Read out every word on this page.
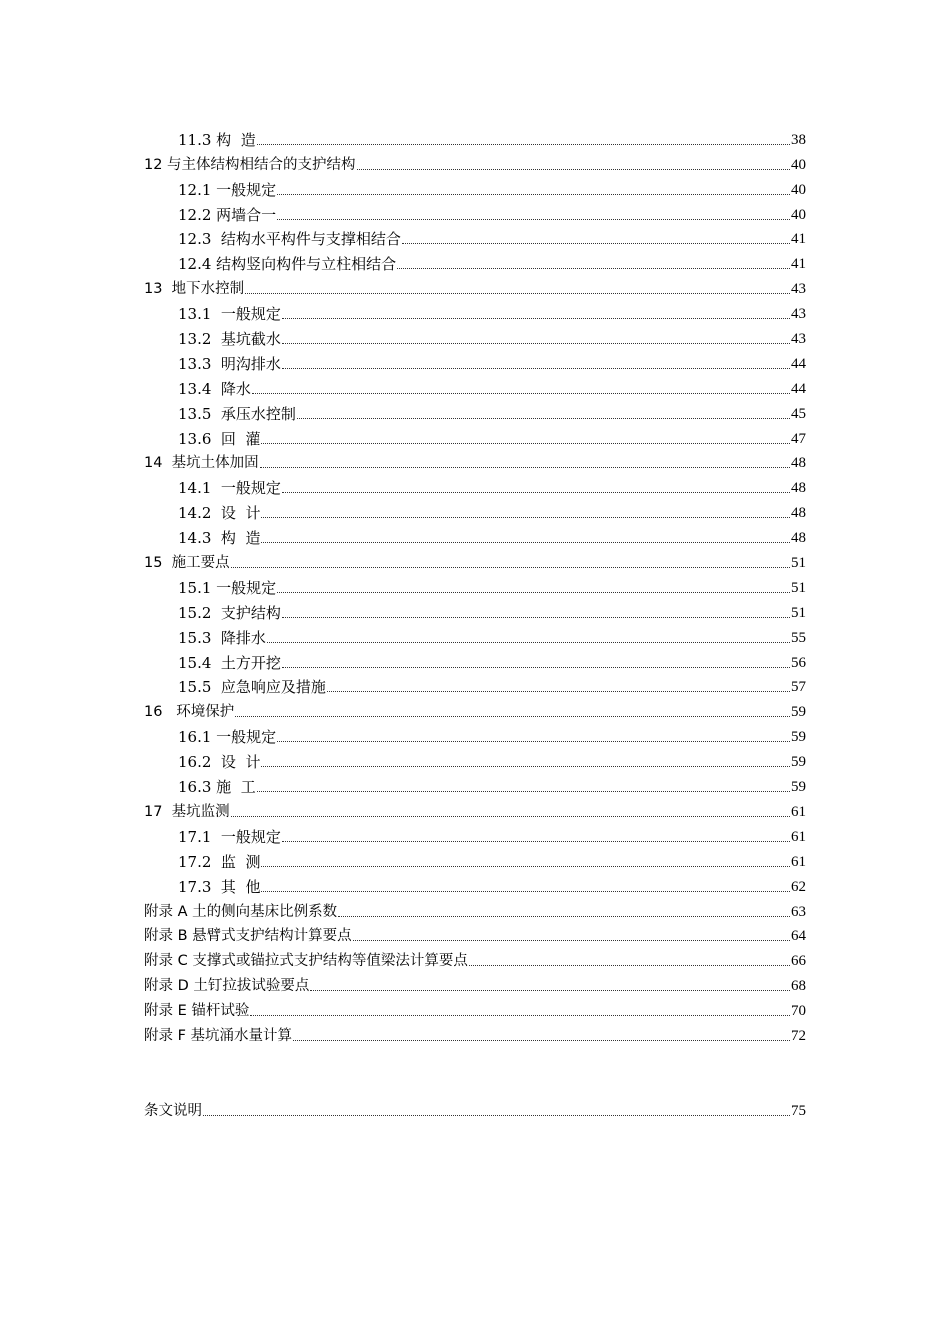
11.3 构  造	38
12 与主体结构相结合的支护结构	40
12.1 一般规定	40
12.2 两墙合一	40
12.3  结构水平构件与支撑相结合	41
12.4 结构竖向构件与立柱相结合	41
13  地下水控制	43
13.1  一般规定	43
13.2  基坑截水	43
13.3  明沟排水	44
13.4  降水	44
13.5  承压水控制	45
13.6  回  灌	47
14  基坑土体加固	48
14.1  一般规定	48
14.2  设  计	48
14.3  构  造	48
15  施工要点	51
15.1 一般规定	51
15.2  支护结构	51
15.3  降排水	55
15.4  土方开挖	56
15.5  应急响应及措施	57
16   环境保护	59
16.1 一般规定	59
16.2  设  计	59
16.3 施  工	59
17  基坑监测	61
17.1  一般规定	61
17.2  监  测	61
17.3  其  他	62
附录 A 土的侧向基床比例系数	63
附录 B 悬臂式支护结构计算要点	64
附录 C 支撑式或锚拉式支护结构等值梁法计算要点	66
附录 D 土钉拉拔试验要点	68
附录 E 锚杆试验	70
附录 F 基坑涌水量计算	72
条文说明	75
